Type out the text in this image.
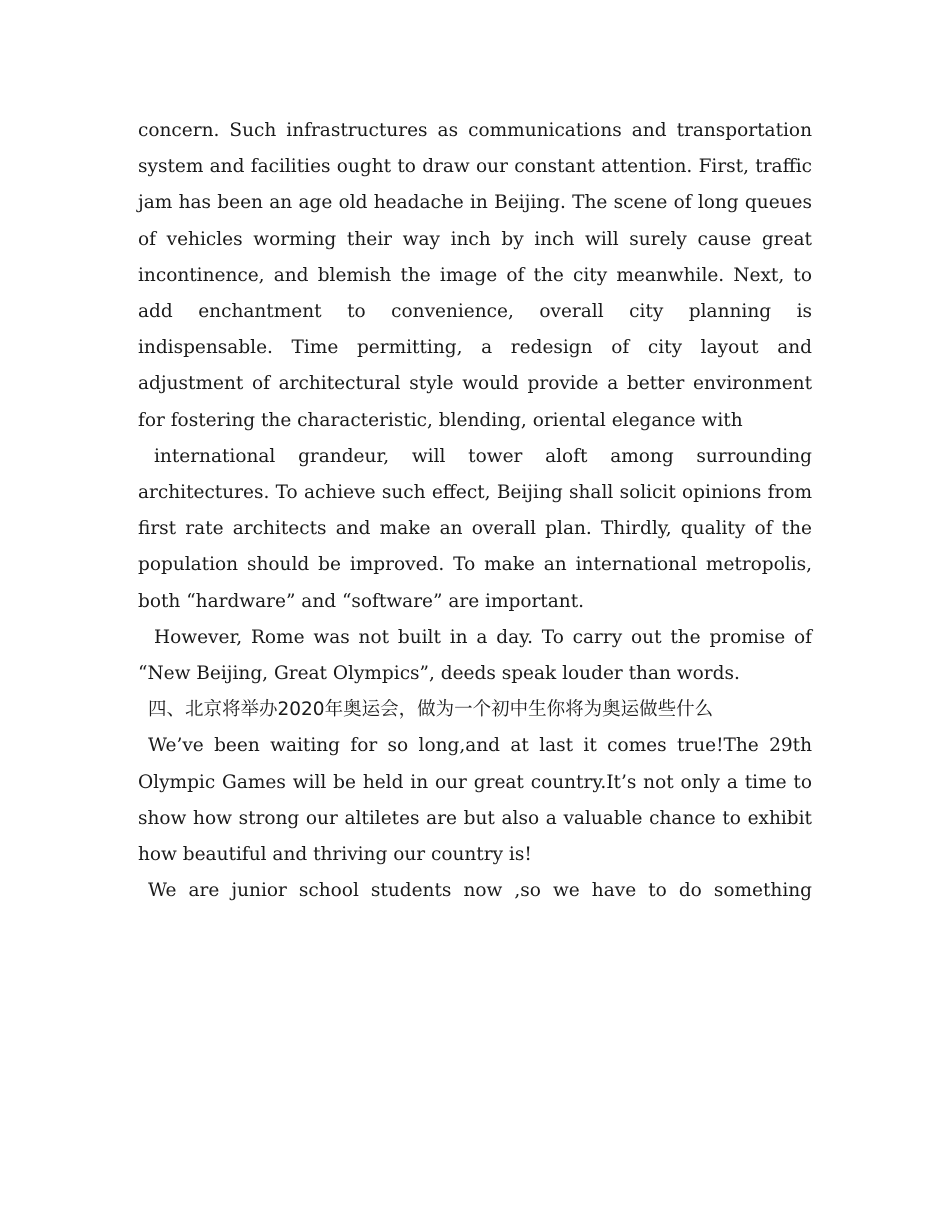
concern. Such infrastructures as communications and transportation system and facilities ought to draw our constant attention. First, traffic jam has been an age old headache in Beijing. The scene of long queues of vehicles worming their way inch by inch will surely cause great incontinence, and blemish the image of the city meanwhile. Next, to add enchantment to convenience, overall city planning is indispensable. Time permitting, a redesign of city layout and adjustment of architectural style would provide a better environment for fostering the characteristic, blending, oriental elegance with

international grandeur, will tower aloft among surrounding architectures. To achieve such effect, Beijing shall solicit opinions from first rate architects and make an overall plan. Thirdly, quality of the population should be improved. To make an international metropolis, both “hardware” and “software” are important.

However, Rome was not built in a day. To carry out the promise of “New Beijing, Great Olympics”, deeds speak louder than words.

四、北京将举办2020年奥运会，做为一个初中生你将为奥运做些什么

We’ve been waiting for so long,and at last it comes true!The 29th Olympic Games will be held in our great country.It’s not only a time to show how strong our altiletes are but also a valuable chance to exhibit how beautiful and thriving our country is!

We are junior school students now ,so we have to do something
